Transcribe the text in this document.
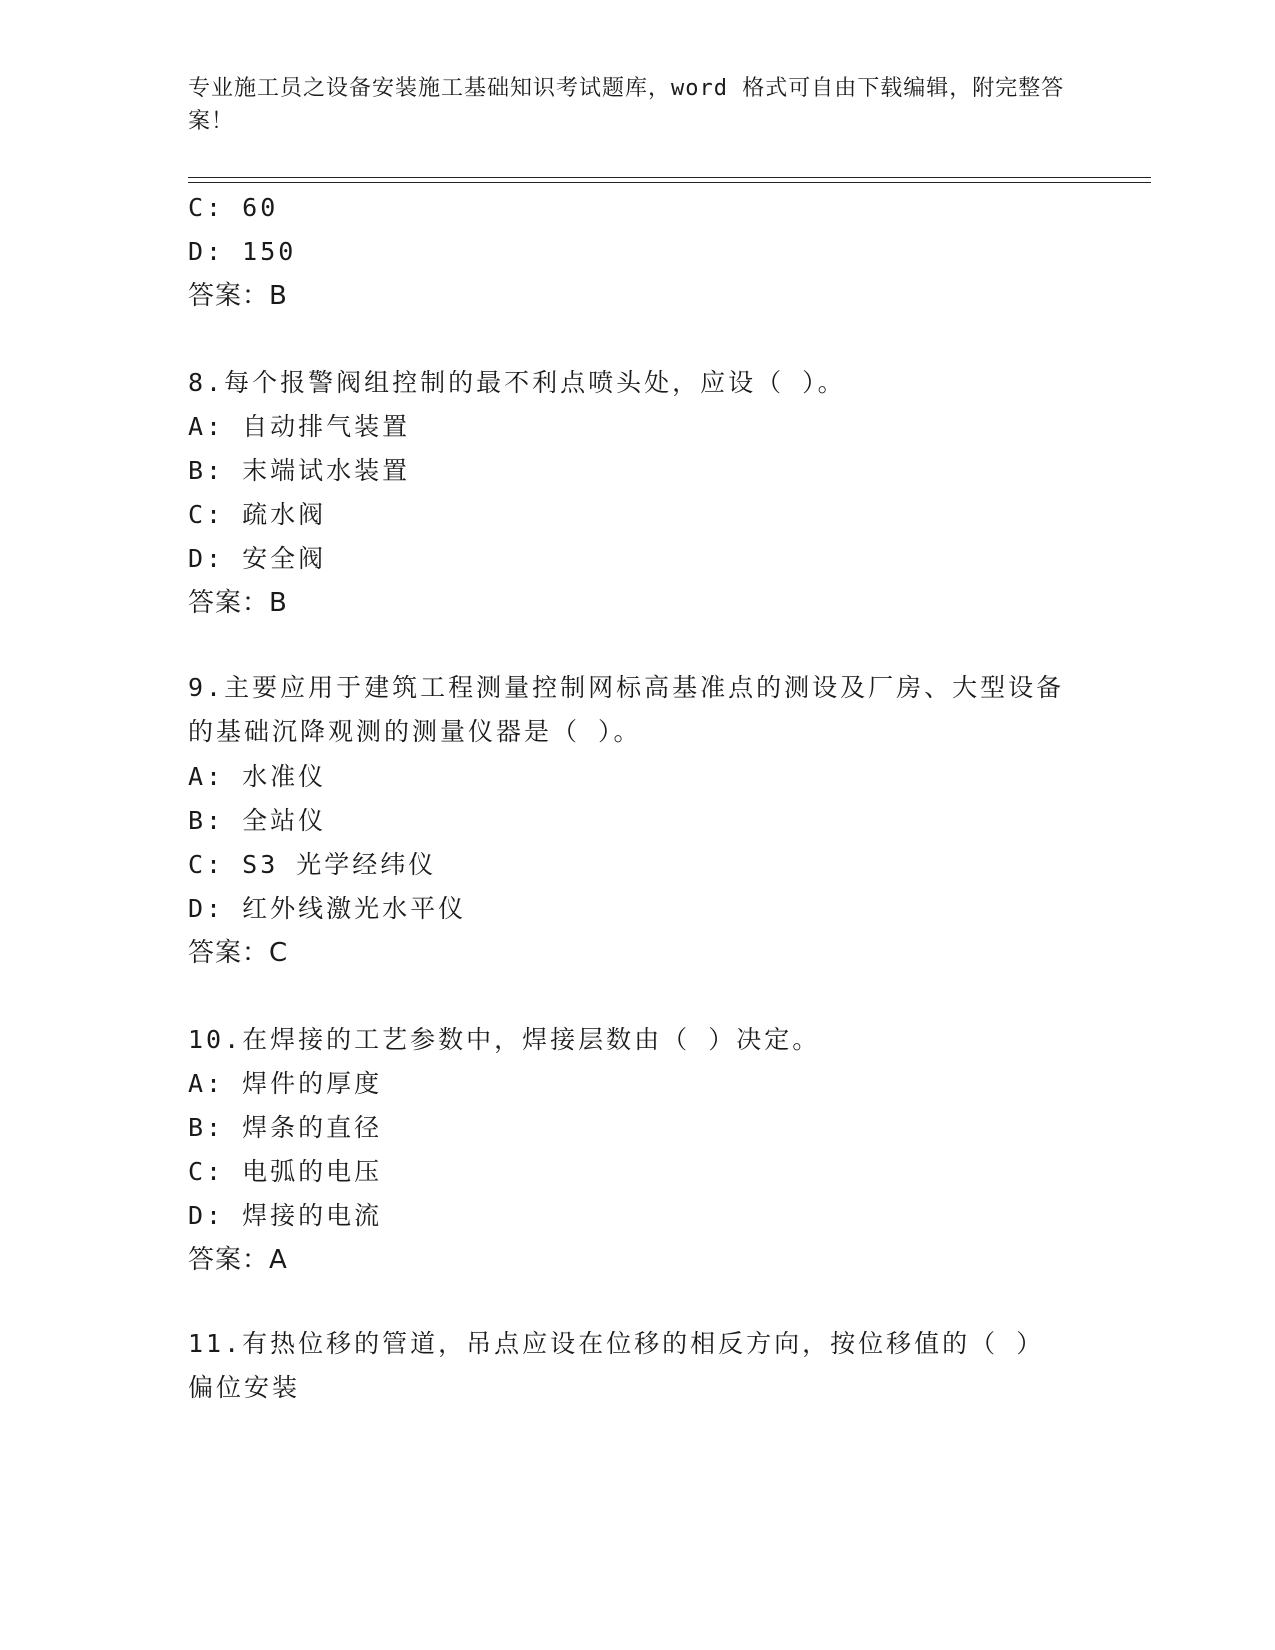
专业施工员之设备安装施工基础知识考试题库，word 格式可自由下载编辑，附完整答案！
C: 60
D: 150
答案：B
8.每个报警阀组控制的最不利点喷头处，应设（ ）。
A: 自动排气装置
B: 末端试水装置
C: 疏水阀
D: 安全阀
答案：B
9.主要应用于建筑工程测量控制网标高基准点的测设及厂房、大型设备的基础沉降观测的测量仪器是（ ）。
A: 水准仪
B: 全站仪
C: S3 光学经纬仪
D: 红外线激光水平仪
答案：C
10.在焊接的工艺参数中，焊接层数由（ ）决定。
A: 焊件的厚度
B: 焊条的直径
C: 电弧的电压
D: 焊接的电流
答案：A
11.有热位移的管道，吊点应设在位移的相反方向，按位移值的（ ）偏位安装
